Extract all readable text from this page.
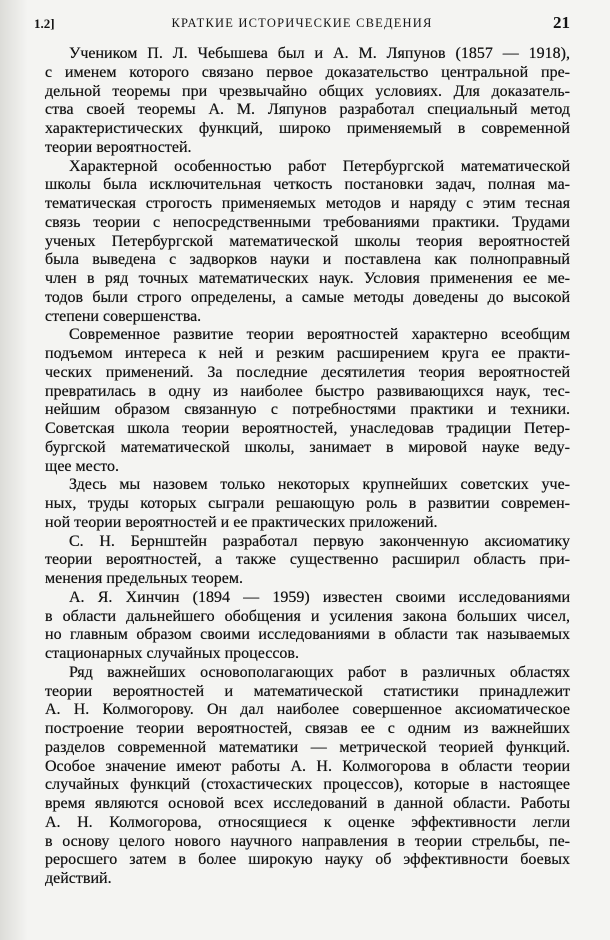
1.2]	КРАТКИЕ ИСТОРИЧЕСКИЕ СВЕДЕНИЯ	21
Учеником П. Л. Чебышева был и А. М. Ляпунов (1857 — 1918),
с именем которого связано первое доказательство центральной пре-
дельной теоремы при чрезвычайно общих условиях. Для доказатель-
ства своей теоремы А. М. Ляпунов разработал специальный метод
характеристических функций, широко применяемый в современной
теории вероятностей.
Характерной особенностью работ Петербургской математической
школы была исключительная четкость постановки задач, полная ма-
тематическая строгость применяемых методов и наряду с этим тесная
связь теории с непосредственными требованиями практики. Трудами
ученых Петербургской математической школы теория вероятностей
была выведена с задворков науки и поставлена как полноправный
член в ряд точных математических наук. Условия применения ее ме-
тодов были строго определены, а самые методы доведены до высокой
степени совершенства.
Современное развитие теории вероятностей характерно всеобщим
подъемом интереса к ней и резким расширением круга ее практи-
ческих применений. За последние десятилетия теория вероятностей
превратилась в одну из наиболее быстро развивающихся наук, тес-
нейшим образом связанную с потребностями практики и техники.
Советская школа теории вероятностей, унаследовав традиции Петер-
бургской математической школы, занимает в мировой науке веду-
щее место.
Здесь мы назовем только некоторых крупнейших советских уче-
ных, труды которых сыграли решающую роль в развитии современ-
ной теории вероятностей и ее практических приложений.
С. Н. Бернштейн разработал первую законченную аксиоматику
теории вероятностей, а также существенно расширил область при-
менения предельных теорем.
А. Я. Хинчин (1894 — 1959) известен своими исследованиями
в области дальнейшего обобщения и усиления закона больших чисел,
но главным образом своими исследованиями в области так называемых
стационарных случайных процессов.
Ряд важнейших основополагающих работ в различных областях
теории вероятностей и математической статистики принадлежит
А. Н. Колмогорову. Он дал наиболее совершенное аксиоматическое
построение теории вероятностей, связав ее с одним из важнейших
разделов современной математики — метрической теорией функций.
Особое значение имеют работы А. Н. Колмогорова в области теории
случайных функций (стохастических процессов), которые в настоящее
время являются основой всех исследований в данной области. Работы
А. Н. Колмогорова, относящиеся к оценке эффективности легли
в основу целого нового научного направления в теории стрельбы, пе-
реросшего затем в более широкую науку об эффективности боевых
действий.
